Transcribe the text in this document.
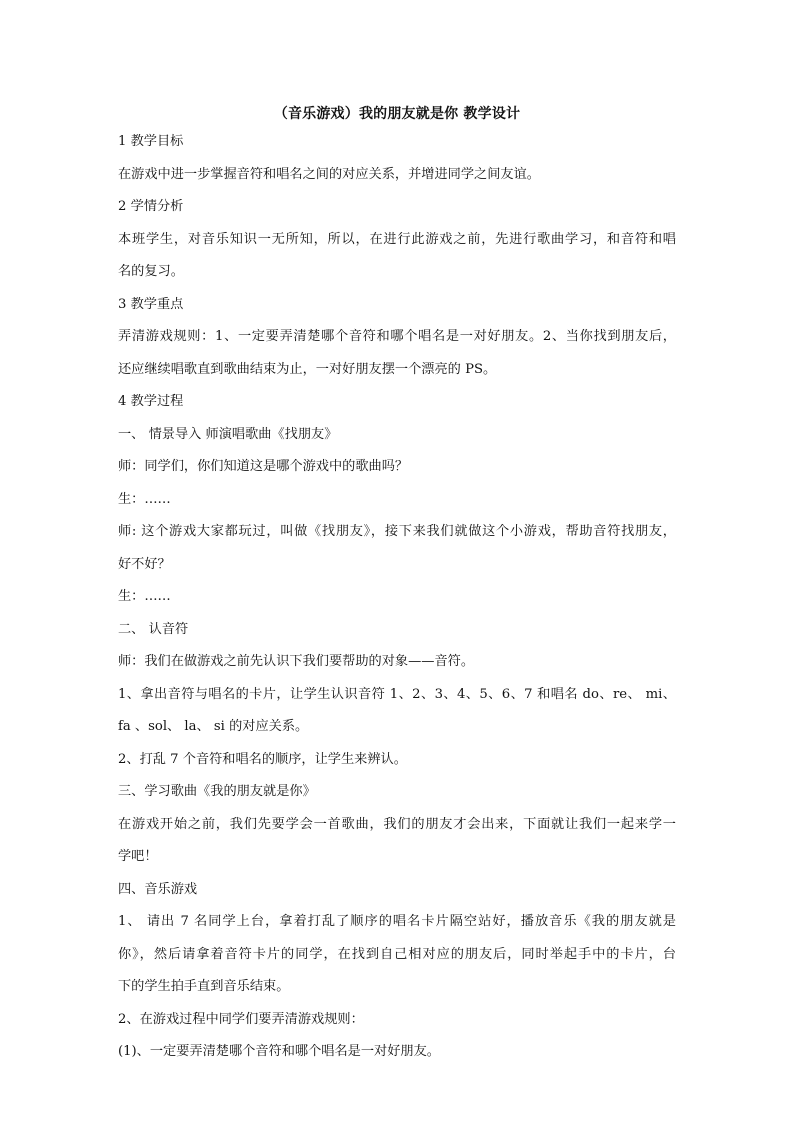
（音乐游戏）我的朋友就是你 教学设计
1 教学目标
在游戏中进一步掌握音符和唱名之间的对应关系，并增进同学之间友谊。
2 学情分析
本班学生，对音乐知识一无所知，所以，在进行此游戏之前，先进行歌曲学习，和音符和唱
名的复习。
3 教学重点
弄清游戏规则：1、一定要弄清楚哪个音符和哪个唱名是一对好朋友。2、当你找到朋友后，
还应继续唱歌直到歌曲结束为止，一对好朋友摆一个漂亮的 PS。
4 教学过程
一、 情景导入 师演唱歌曲《找朋友》
师：同学们，你们知道这是哪个游戏中的歌曲吗？
生：……
师: 这个游戏大家都玩过，叫做《找朋友》，接下来我们就做这个小游戏，帮助音符找朋友，
好不好？
生：……
二、 认音符
师：我们在做游戏之前先认识下我们要帮助的对象——音符。
1、拿出音符与唱名的卡片，让学生认识音符 1、2、3、4、5、6、7 和唱名 do、re、 mi、
fa 、sol、 la、 si 的对应关系。
2、打乱 7 个音符和唱名的顺序，让学生来辨认。
三、学习歌曲《我的朋友就是你》
在游戏开始之前，我们先要学会一首歌曲，我们的朋友才会出来，下面就让我们一起来学一
学吧！
四、音乐游戏
1、 请出 7 名同学上台，拿着打乱了顺序的唱名卡片隔空站好，播放音乐《我的朋友就是
你》，然后请拿着音符卡片的同学，在找到自己相对应的朋友后，同时举起手中的卡片，台
下的学生拍手直到音乐结束。
2、在游戏过程中同学们要弄清游戏规则：
(1)、一定要弄清楚哪个音符和哪个唱名是一对好朋友。
